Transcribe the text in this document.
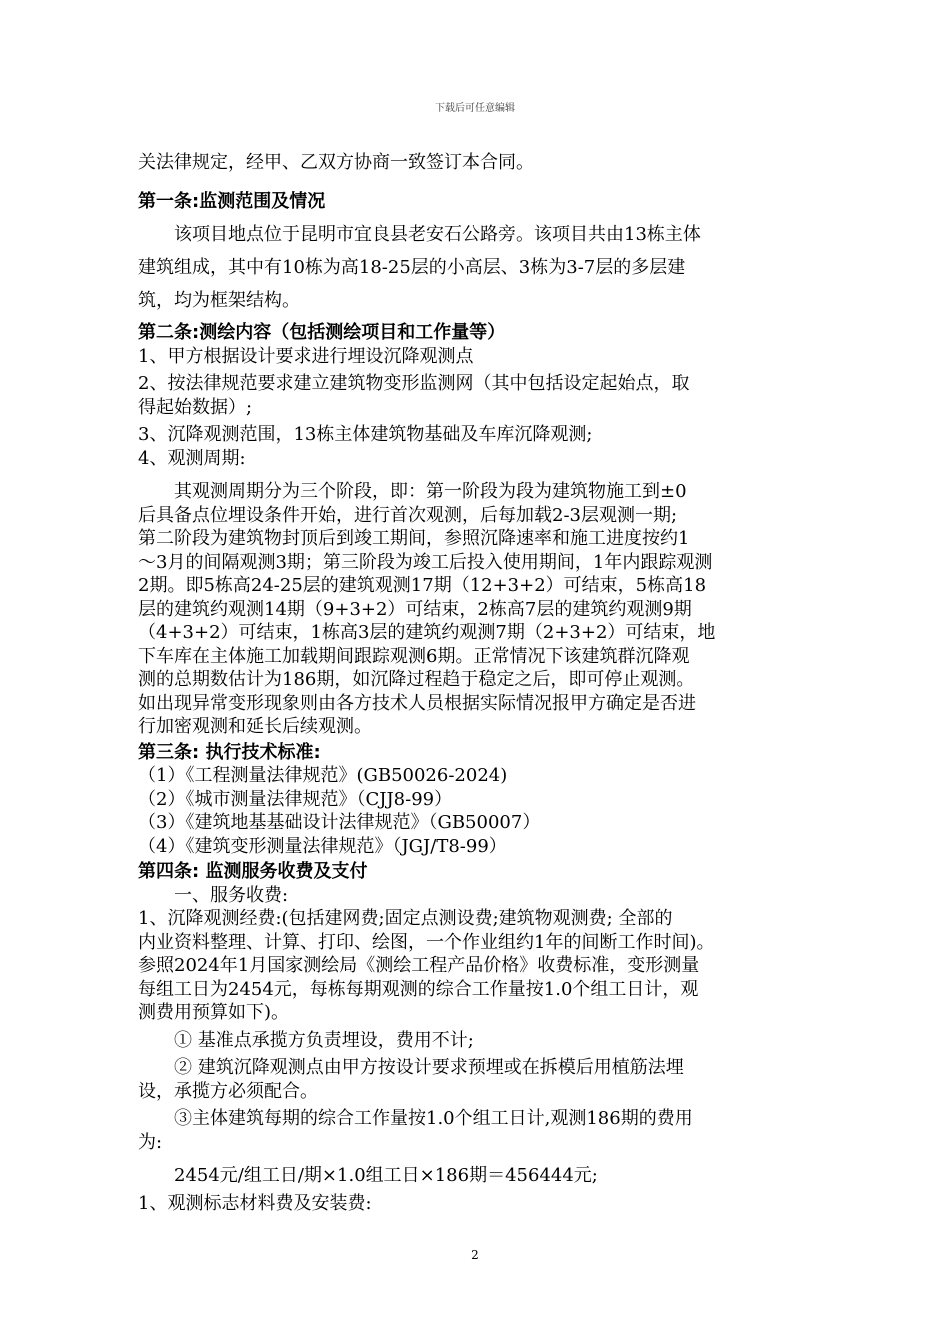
下载后可任意编辑

关法律规定，经甲、乙双方协商一致签订本合同。

第一条:监测范围及情况

该项目地点位于昆明市宜良县老安石公路旁。该项目共由13栋主体

建筑组成，其中有10栋为高18-25层的小高层、3栋为3-7层的多层建

筑，均为框架结构。

第二条:测绘内容（包括测绘项目和工作量等）

1、甲方根据设计要求进行埋设沉降观测点

2、按法律规范要求建立建筑物变形监测网（其中包括设定起始点，取

得起始数据）;

3、沉降观测范围，13栋主体建筑物基础及车库沉降观测;

4、观测周期:

其观测周期分为三个阶段，即：第一阶段为段为建筑物施工到±0

后具备点位埋设条件开始，进行首次观测，后每加载2-3层观测一期;

第二阶段为建筑物封顶后到竣工期间，参照沉降速率和施工进度按约1

～3月的间隔观测3期；第三阶段为竣工后投入使用期间，1年内跟踪观测

2期。即5栋高24-25层的建筑观测17期（12+3+2）可结束，5栋高18

层的建筑约观测14期（9+3+2）可结束，2栋高7层的建筑约观测9期

（4+3+2）可结束，1栋高3层的建筑约观测7期（2+3+2）可结束，地

下车库在主体施工加载期间跟踪观测6期。正常情况下该建筑群沉降观

测的总期数估计为186期，如沉降过程趋于稳定之后，即可停止观测。

如出现异常变形现象则由各方技术人员根据实际情况报甲方确定是否进

行加密观测和延长后续观测。

第三条: 执行技术标准:

（1）《工程测量法律规范》(GB50026-2024)

（2）《城市测量法律规范》（CJJ8-99）

（3）《建筑地基基础设计法律规范》（GB50007）

（4）《建筑变形测量法律规范》（JGJ/T8-99）

第四条: 监测服务收费及支付

一、服务收费:

1、沉降观测经费:(包括建网费;固定点测设费;建筑物观测费; 全部的

内业资料整理、计算、打印、绘图，一个作业组约1年的间断工作时间)。

参照2024年1月国家测绘局《测绘工程产品价格》收费标准，变形测量

每组工日为2454元，每栋每期观测的综合工作量按1.0个组工日计，观

测费用预算如下)。

① 基准点承揽方负责埋设，费用不计;

② 建筑沉降观测点由甲方按设计要求预埋或在拆模后用植筋法埋

设，承揽方必须配合。

③主体建筑每期的综合工作量按1.0个组工日计,观测186期的费用

为:

2454元/组工日/期×1.0组工日×186期＝456444元;

1、观测标志材料费及安装费:

2
